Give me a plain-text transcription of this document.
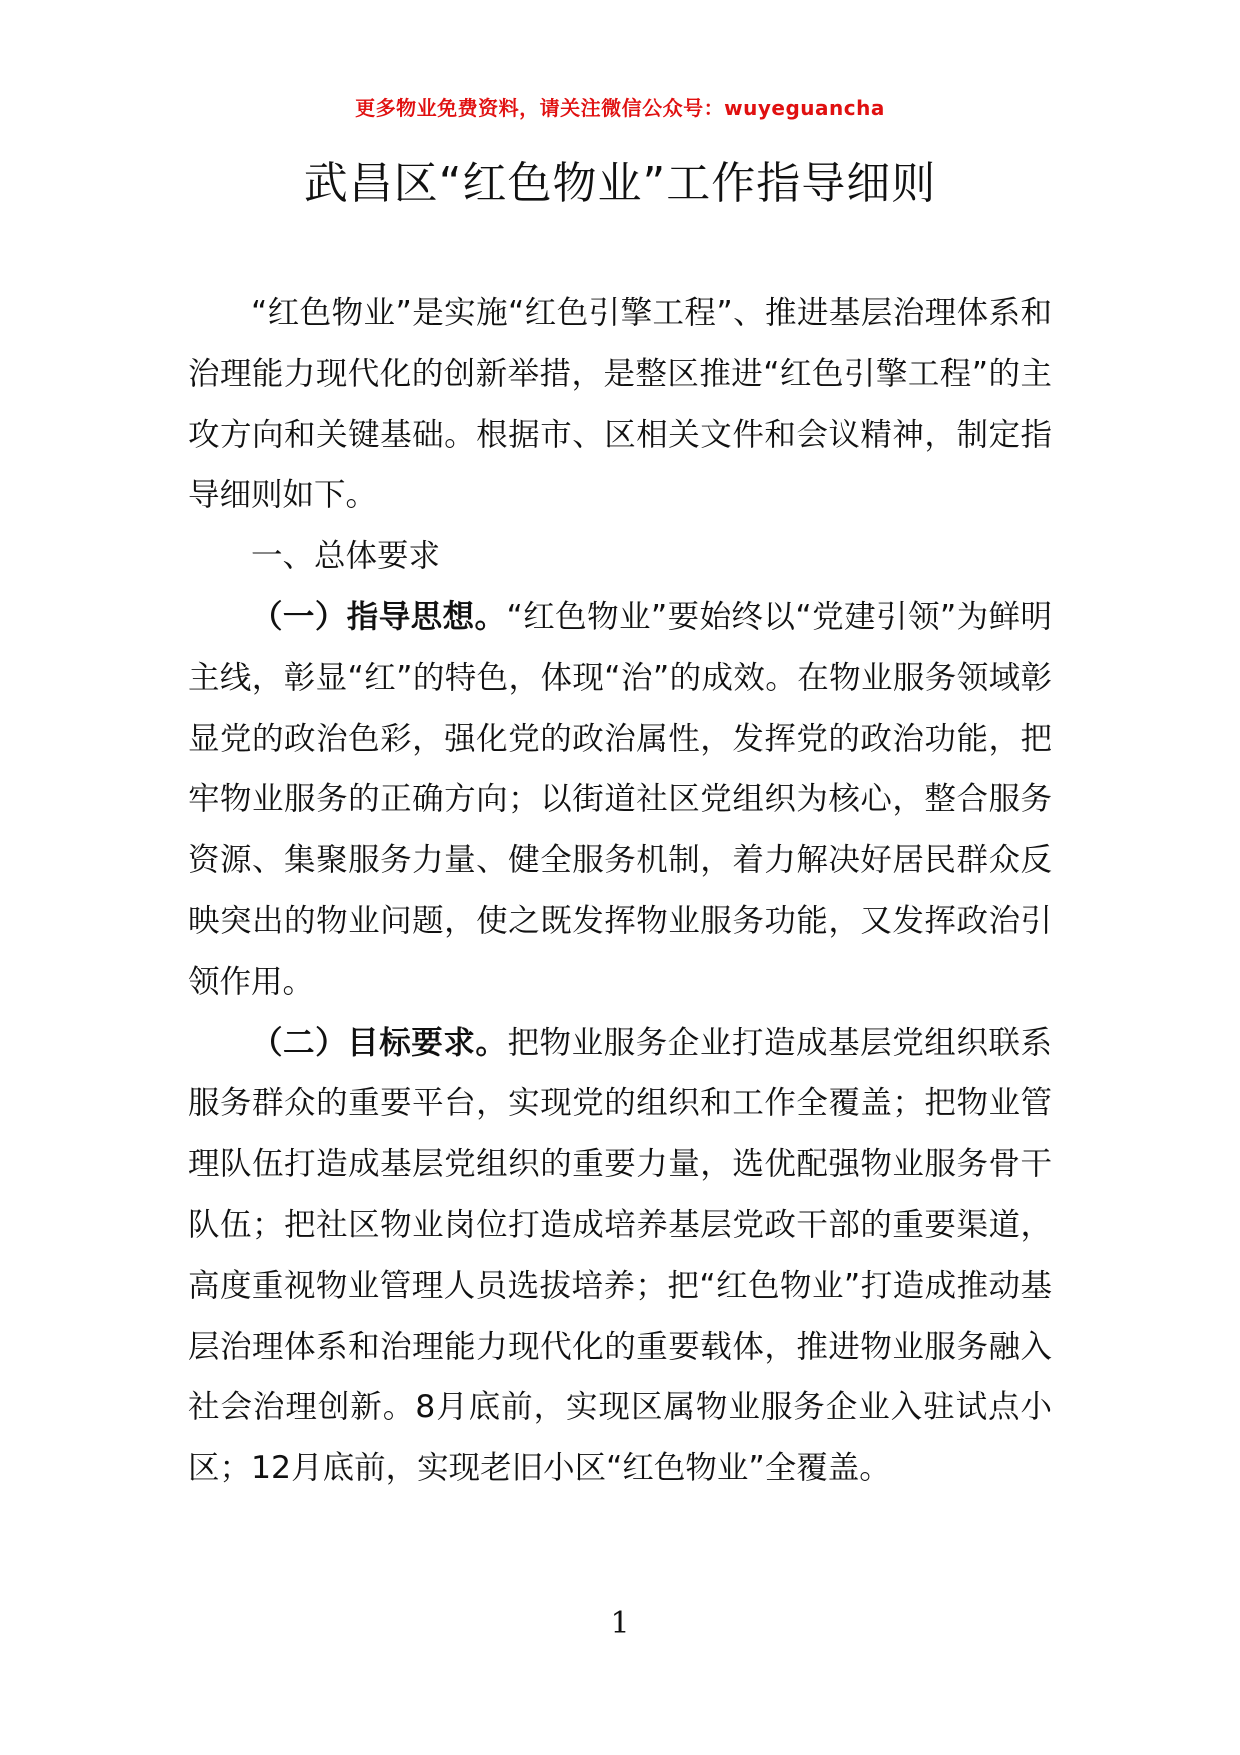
更多物业免费资料，请关注微信公众号：wuyeguancha
武昌区“红色物业”工作指导细则

“红色物业”是实施“红色引擎工程”、推进基层治理体系和治理能力现代化的创新举措，是整区推进“红色引擎工程”的主攻方向和关键基础。根据市、区相关文件和会议精神，制定指导细则如下。

一、总体要求

（一）指导思想。“红色物业”要始终以“党建引领”为鲜明主线，彰显“红”的特色，体现“治”的成效。在物业服务领域彰显党的政治色彩，强化党的政治属性，发挥党的政治功能，把牢物业服务的正确方向；以街道社区党组织为核心，整合服务资源、集聚服务力量、健全服务机制，着力解决好居民群众反映突出的物业问题，使之既发挥物业服务功能，又发挥政治引领作用。

（二）目标要求。把物业服务企业打造成基层党组织联系服务群众的重要平台，实现党的组织和工作全覆盖；把物业管理队伍打造成基层党组织的重要力量，选优配强物业服务骨干队伍；把社区物业岗位打造成培养基层党政干部的重要渠道，高度重视物业管理人员选拔培养；把“红色物业”打造成推动基层治理体系和治理能力现代化的重要载体，推进物业服务融入社会治理创新。8月底前，实现区属物业服务企业入驻试点小区；12月底前，实现老旧小区“红色物业”全覆盖。

1
